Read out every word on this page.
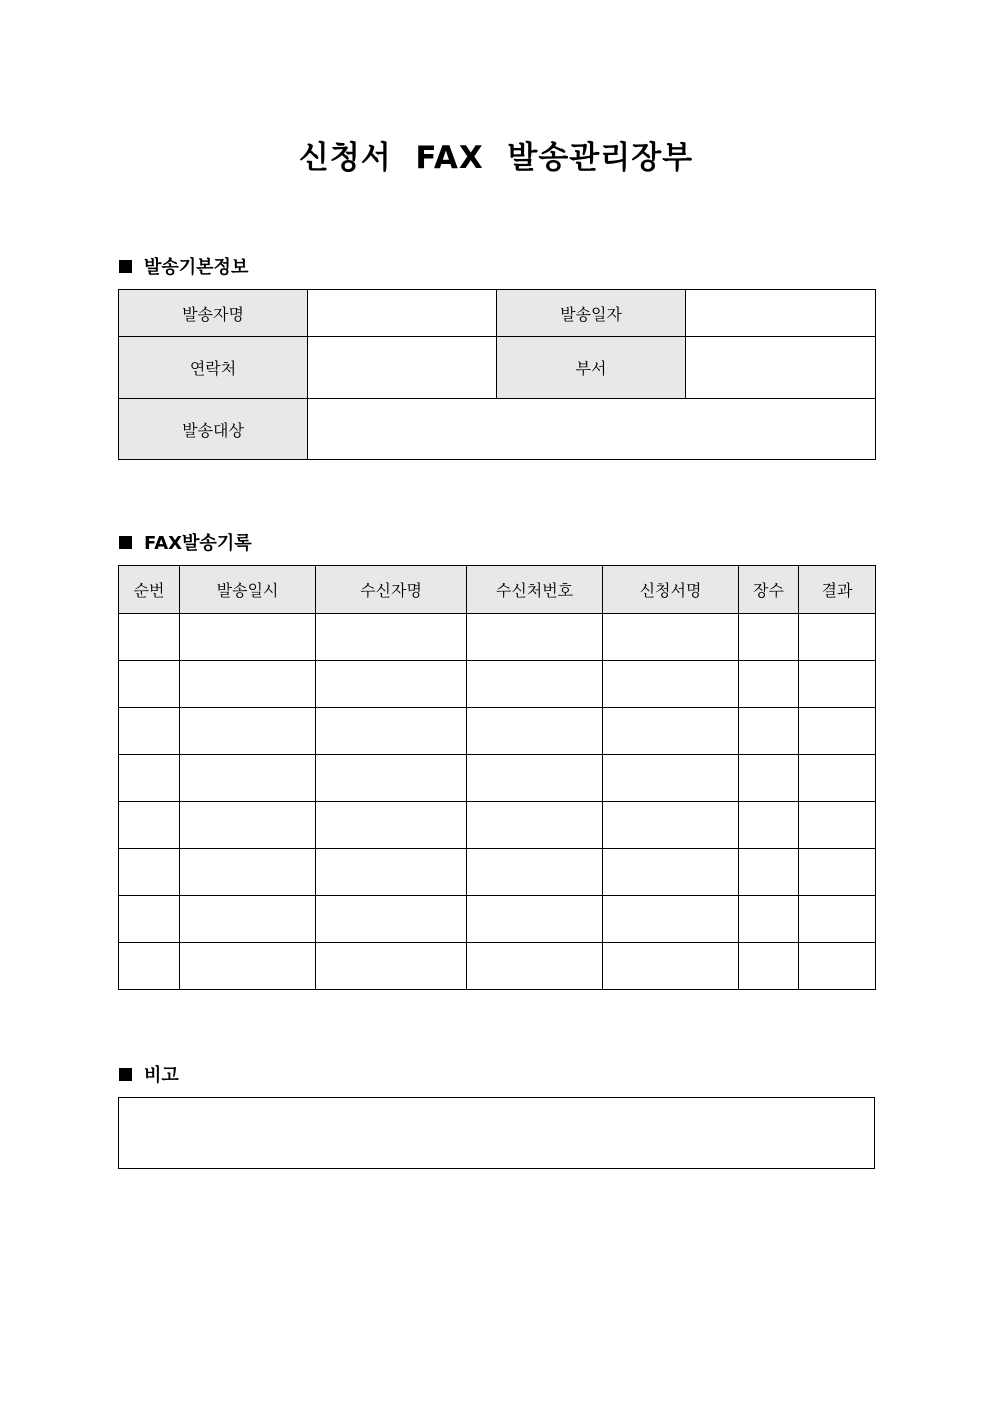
신청서  FAX  발송관리장부
발송기본정보
발송자명		발송일자	
연락처		부서	
발송대상			
FAX발송기록
순번	발송일시	수신자명	수신처번호	신청서명	장수	결과

비고
